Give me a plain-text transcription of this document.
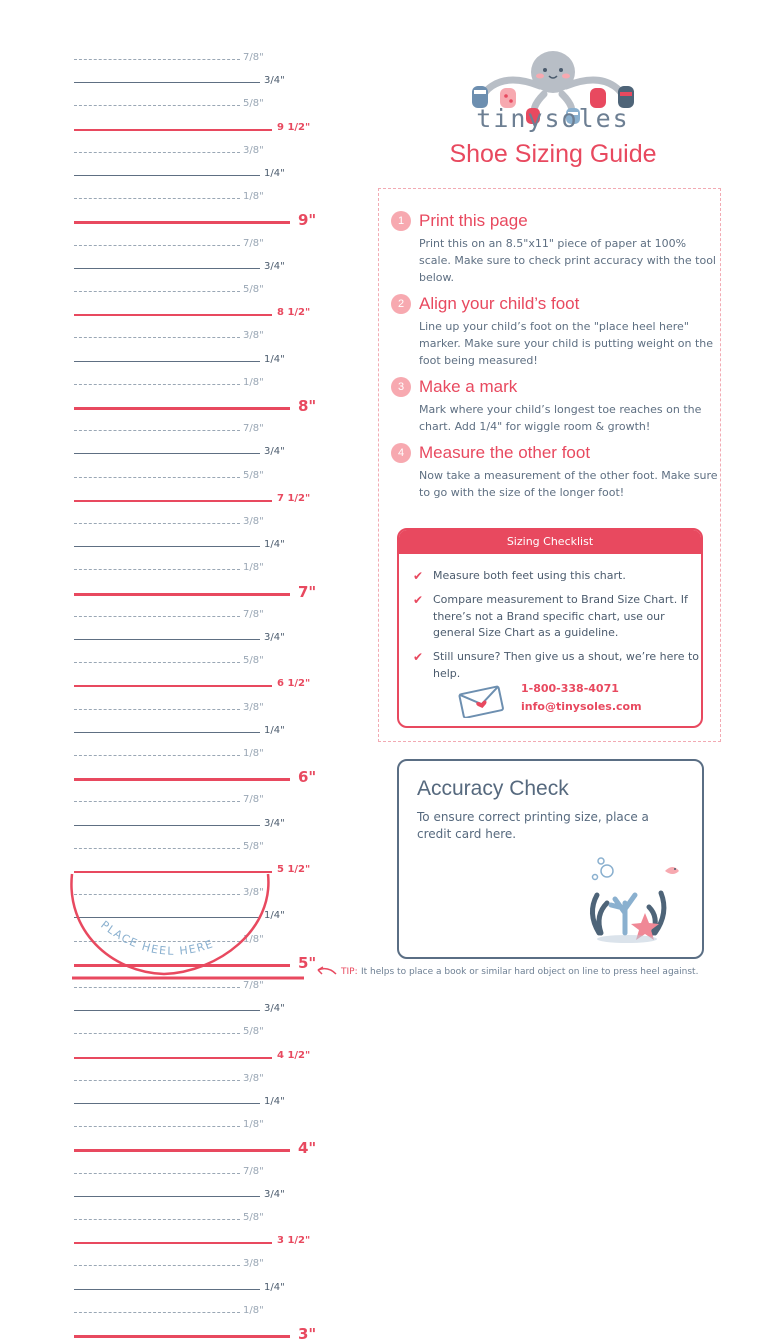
7/8"
3/4"
5/8"
9 1/2"
3/8"
1/4"
1/8"
9"
7/8"
3/4"
5/8"
8 1/2"
3/8"
1/4"
1/8"
8"
7/8"
3/4"
5/8"
7 1/2"
3/8"
1/4"
1/8"
7"
7/8"
3/4"
5/8"
6 1/2"
3/8"
1/4"
1/8"
6"
7/8"
3/4"
5/8"
5 1/2"
3/8"
1/4"
1/8"
5"
7/8"
3/4"
5/8"
4 1/2"
3/8"
1/4"
1/8"
4"
7/8"
3/4"
5/8"
3 1/2"
3/8"
1/4"
1/8"
3"
tinysoles
Shoe Sizing Guide
1 Print this page
Print this on an 8.5"x11" piece of paper at 100% scale. Make sure to check print accuracy with the tool below.
2 Align your child’s foot
Line up your child’s foot on the "place heel here" marker. Make sure your child is putting weight on the foot being measured!
3 Make a mark
Mark where your child’s longest toe reaches on the chart. Add 1/4" for wiggle room & growth!
4 Measure the other foot
Now take a measurement of the other foot. Make sure to go with the size of the longer foot!
Sizing Checklist
✔ Measure both feet using this chart.
✔ Compare measurement to Brand Size Chart. If there’s not a Brand specific chart, use our general Size Chart as a guideline.
✔ Still unsure? Then give us a shout, we’re here to help.
1-800-338-4071
info@tinysoles.com
Accuracy Check
To ensure correct printing size, place a credit card here.
PLACE HEEL HERE
TIP: It helps to place a book or similar hard object on line to press heel against.
